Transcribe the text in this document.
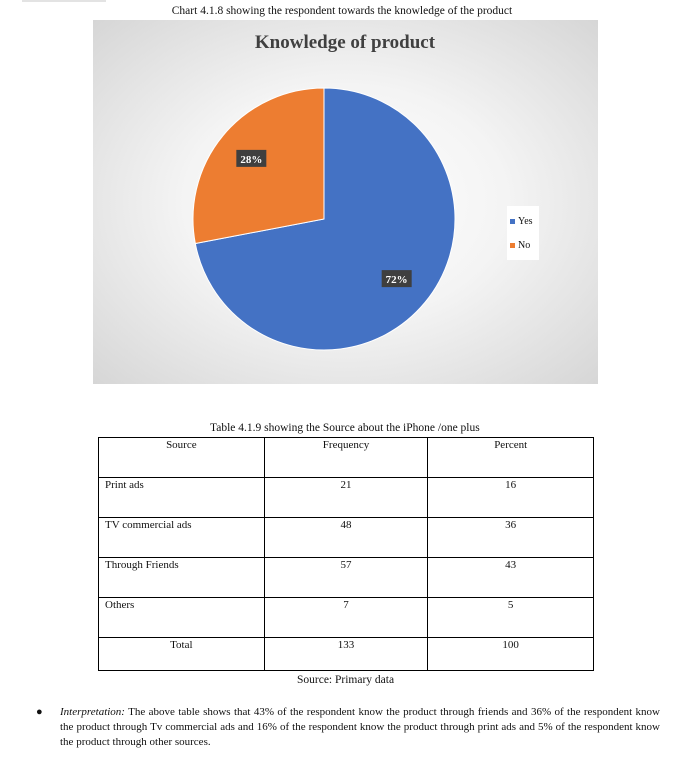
Chart 4.1.8 showing the respondent towards the knowledge of the product
Knowledge of product
72%
28%
Yes
No
Table 4.1.9 showing the Source about the iPhone /one plus
Source	Frequency	Percent
Print ads	21	16
TV commercial ads	48	36
Through Friends	57	43
Others	7	5
Total	133	100
Source: Primary data
● Interpretation: The above table shows that 43% of the respondent know the product through friends and 36% of the respondent know the product through Tv commercial ads and 16% of the respondent know the product through print ads and 5% of the respondent know the product through other sources.
